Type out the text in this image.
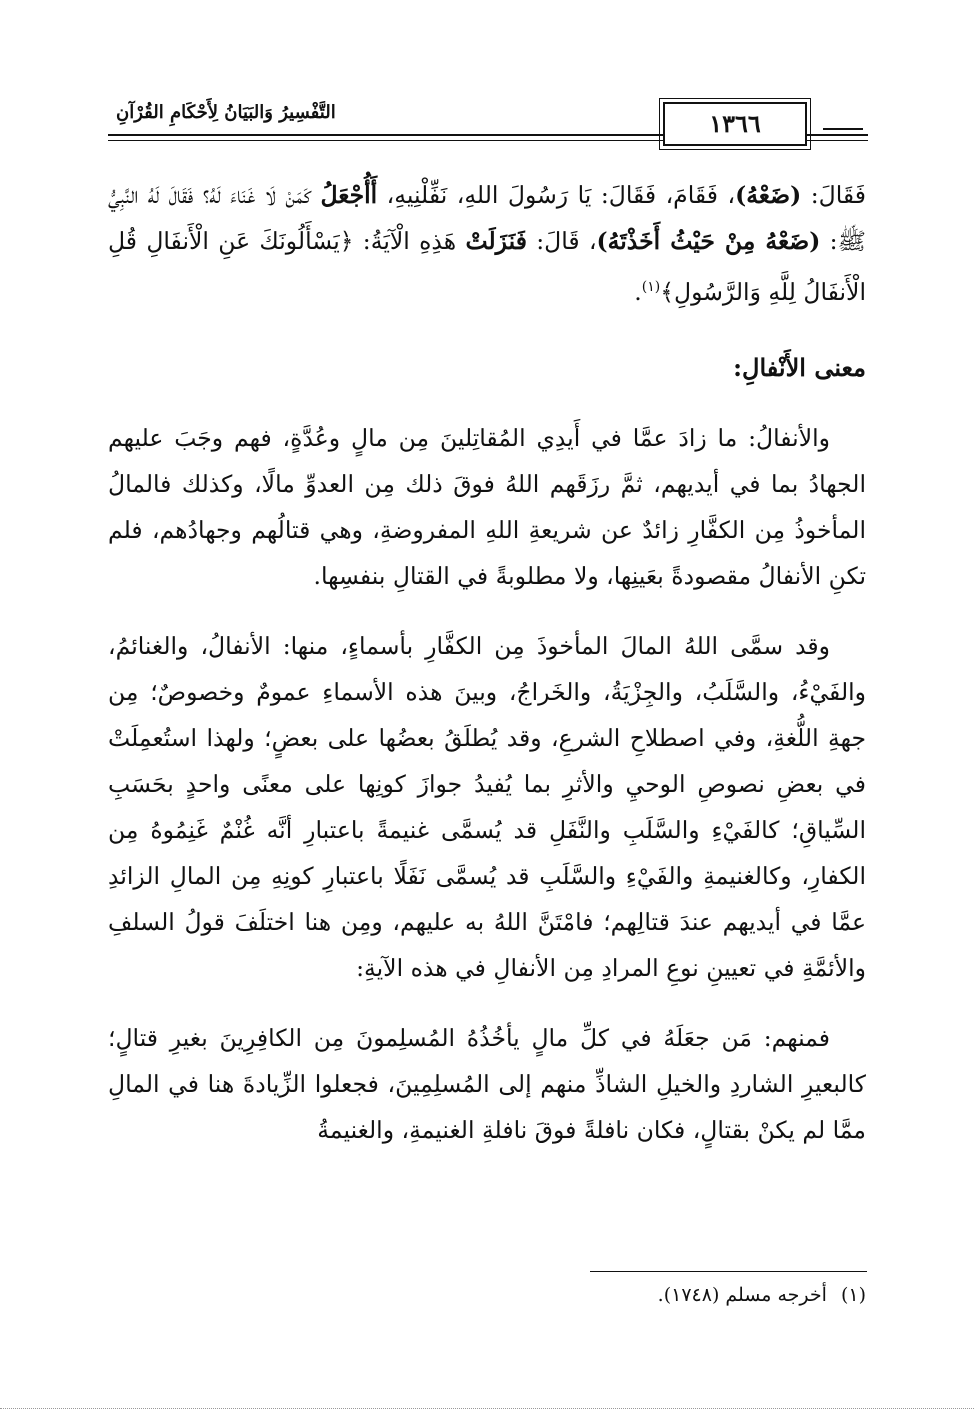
التَّفْسِيرُ وَالبَيَانُ لِأَحْكَامِ القُرْآنِ	١٣٦٦

فَقَالَ: (ضَعْهُ)، فَقَامَ، فَقَالَ: يَا رَسُولَ اللهِ، نَفِّلْنِيهِ، أَأُجْعَلُ كَمَنْ لَا غَنَاءَ لَهُ؟ فَقَالَ لَهُ النَّبِيُّ ﷺ: (ضَعْهُ مِنْ حَيْثُ أَخَذْتَهُ)، قَالَ: فَنَزَلَتْ هَذِهِ الْآيَةُ: ﴿يَسْأَلُونَكَ عَنِ الْأَنفَالِ قُلِ الْأَنفَالُ لِلَّهِ وَالرَّسُولِ﴾$^{(١)}$.

معنى الأَنْفالِ:

والأنفالُ: ما زادَ عمَّا في أَيدِي المُقاتِلينَ مِن مالٍ وعُدَّةٍ، فهم وجَبَ عليهم الجهادُ بما في أيديهم، ثمَّ رزَقَهم اللهُ فوقَ ذلك مِن العدوِّ مالًا، وكذلك فالمالُ المأخوذُ مِن الكفَّارِ زائدٌ عن شريعةِ اللهِ المفروضةِ، وهي قتالُهم وجهادُهم، فلم تكنِ الأنفالُ مقصودةً بعَينِها، ولا مطلوبةً في القتالِ بنفسِها.

وقد سمَّى اللهُ المالَ المأخوذَ مِن الكفَّارِ بأسماءٍ، منها: الأنفالُ، والغنائمُ، والفَيْءُ، والسَّلَبُ، والجِزْيَةُ، والخَراجُ، وبينَ هذه الأسماءِ عمومٌ وخصوصٌ؛ مِن جهةِ اللُّغةِ، وفي اصطلاحِ الشرعِ، وقد يُطلَقُ بعضُها على بعضٍ؛ ولهذا استُعمِلَتْ في بعضِ نصوصِ الوحيِ والأثرِ بما يُفيدُ جوازَ كونِها على معنًى واحدٍ بحَسَبِ السِّياقِ؛ كالفَيْءِ والسَّلَبِ والنَّفَلِ قد يُسمَّى غنيمةً باعتبارِ أنَّه غُنْمٌ غَنِمُوهُ مِن الكفارِ، وكالغنيمةِ والفَيْءِ والسَّلَبِ قد يُسمَّى نَفَلًا باعتبارِ كونِهِ مِن المالِ الزائدِ عمَّا في أيديهم عندَ قتالِهم؛ فامْتَنَّ اللهُ به عليهم، ومِن هنا اختلَفَ قولُ السلفِ والأئمَّةِ في تعيينِ نوعِ المرادِ مِن الأنفالِ في هذه الآيةِ:

فمنهم: مَن جعَلَهُ في كلِّ مالٍ يأخُذُهُ المُسلِمونَ مِن الكافِرِينَ بغيرِ قتالٍ؛ كالبعيرِ الشاردِ والخيلِ الشاذِّ منهم إلى المُسلِمِينَ، فجعلوا الزِّيادةَ هنا في المالِ ممَّا لم يكنْ بقتالٍ، فكان نافلةً فوقَ نافلةِ الغنيمةِ، والغنيمةُ

(١)أخرجه مسلم (١٧٤٨).
